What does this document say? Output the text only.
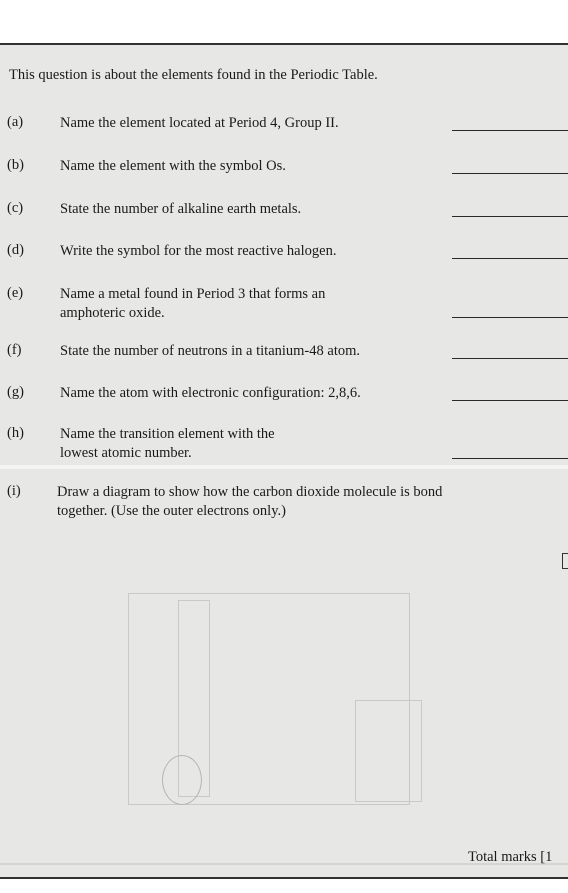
This question is about the elements found in the Periodic Table.
(a)	Name the element located at Period 4, Group II.
(b) Name the element with the symbol Os.
(c)	State the number of alkaline earth metals.
(d) Write the symbol for the most reactive halogen.
(e)	Name a metal found in Period 3 that forms an
amphoteric oxide.
(f)	State the number of neutrons in a titanium-48 atom.
(g) Name the atom with electronic configuration: 2,8,6.
(h) Name the transition element with the
lowest atomic number.
(i)	Draw a diagram to show how the carbon dioxide molecule is bond
together. (Use the outer electrons only.)
Total marks [1
